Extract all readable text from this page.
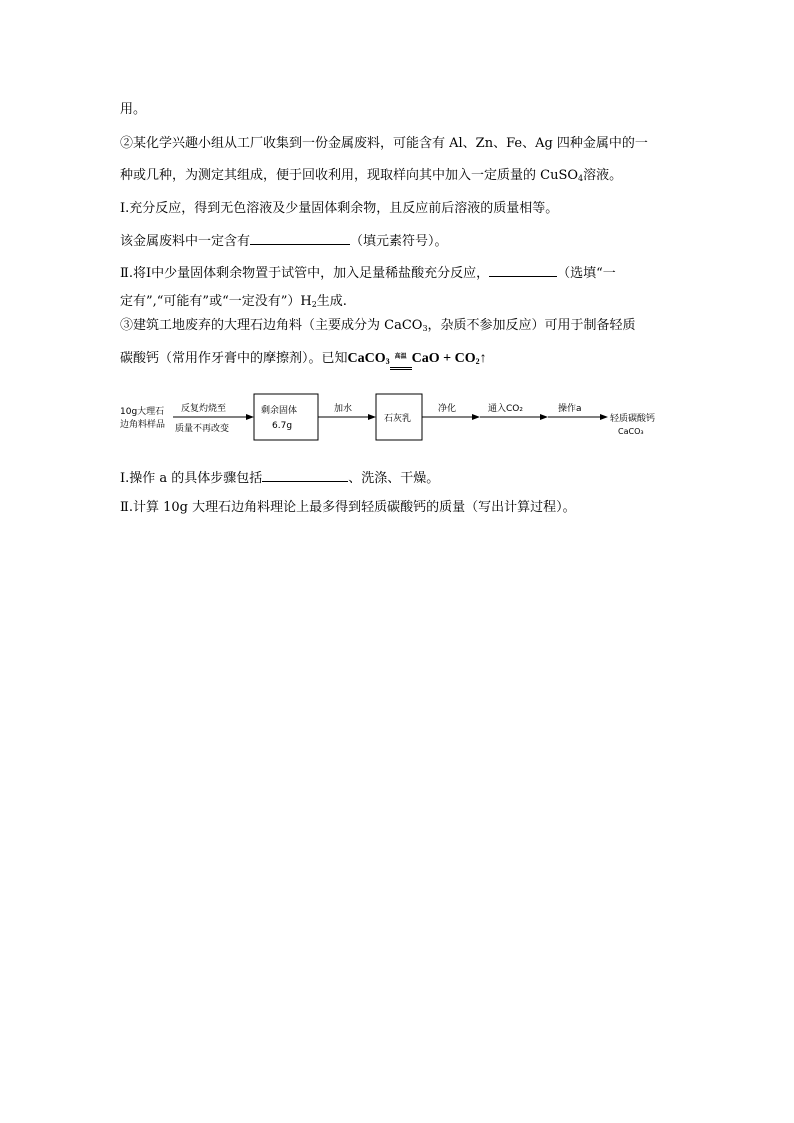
用。
②某化学兴趣小组从工厂收集到一份金属废料，可能含有 Al、Zn、Fe、Ag 四种金属中的一
种或几种，为测定其组成，便于回收利用，现取样向其中加入一定质量的 CuSO$_4$溶液。
Ⅰ.充分反应，得到无色溶液及少量固体剩余物，且反应前后溶液的质量相等。
该金属废料中一定含有	（填元素符号）。
Ⅱ.将Ⅰ中少量固体剩余物置于试管中，加入足量稀盐酸充分反应，	（选填“一
定有”,“可能有”或“一定没有$”)H_2$生成.
③建筑工地废弃的大理石边角料（主要成分为 CaCO$_3$，杂质不参加反应）可用于制备轻质
碳酸钙（常用作牙膏中的摩擦剂）。已知CaCO$_3$ 高温 CaO + $CO_2↑$
10g大理石
边角料样品
反复灼烧至
质量不再改变
剩余固体
6.7g
加水
石灰乳
净化	通入CO₂	操作a
轻质碳酸钙
CaCO₃
Ⅰ.操作 a 的具体步骤包括	、洗涤、干燥。
Ⅱ.计算 10g 大理石边角料理论上最多得到轻质碳酸钙的质量（写出计算过程）。
